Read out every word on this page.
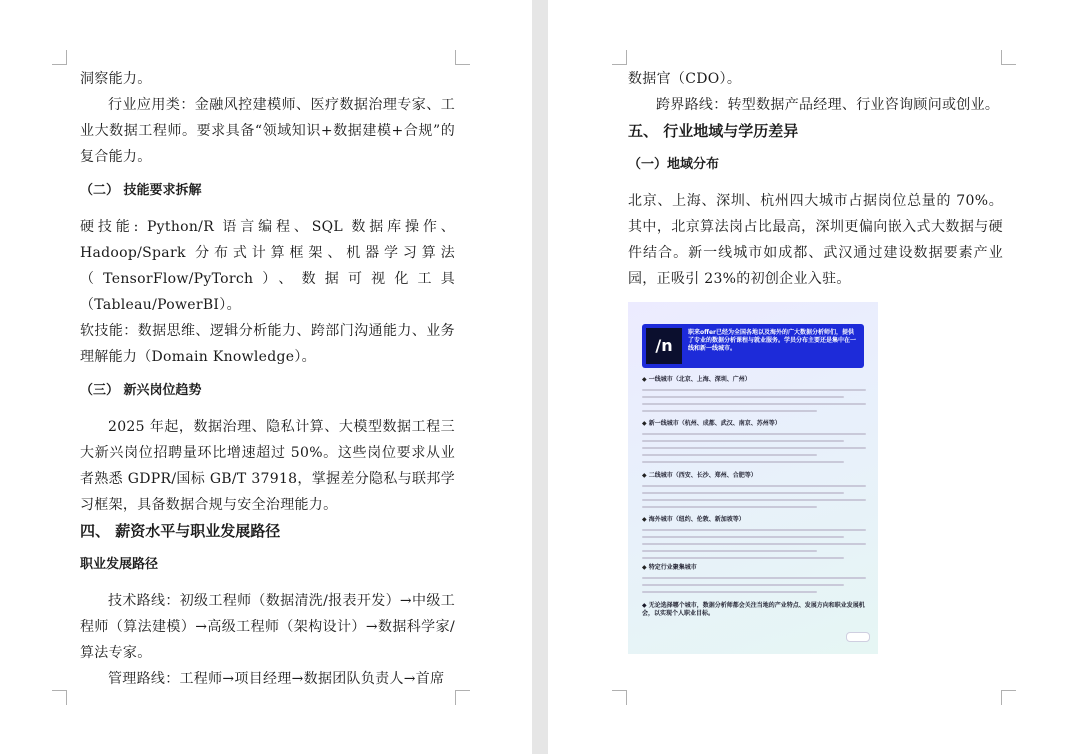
洞察能力。

行业应用类：金融风控建模师、医疗数据治理专家、工业大数据工程师。要求具备“领域知识+数据建模+合规”的复合能力。

（二） 技能要求拆解

硬技能: Python/R 语言编程、SQL 数据库操作、Hadoop/Spark 分布式计算框架、机器学习算法（TensorFlow/PyTorch）、数据可视化工具（Tableau/PowerBI）。

软技能：数据思维、逻辑分析能力、跨部门沟通能力、业务理解能力（Domain Knowledge）。

（三） 新兴岗位趋势

2025 年起，数据治理、隐私计算、大模型数据工程三大新兴岗位招聘量环比增速超过 50%。这些岗位要求从业者熟悉 GDPR/国标 GB/T 37918，掌握差分隐私与联邦学习框架，具备数据合规与安全治理能力。

四、 薪资水平与职业发展路径
职业发展路径

技术路线：初级工程师（数据清洗/报表开发）→中级工程师（算法建模）→高级工程师（架构设计）→数据科学家/算法专家。

管理路线：工程师→项目经理→数据团队负责人→首席

数据官（CDO）。

跨界路线：转型数据产品经理、行业咨询顾问或创业。

五、 行业地域与学历差异
（一）地域分布

北京、上海、深圳、杭州四大城市占据岗位总量的 70%。其中，北京算法岗占比最高，深圳更偏向嵌入式大数据与硬件结合。新一线城市如成都、武汉通过建设数据要素产业园，正吸引 23%的初创企业入驻。

/n
职来offer已经为全国各地以及海外的广大数据分析师们，提供了专业的数据分析课程与就业服务。学员分布主要还是集中在一线和新一线城市。
◆ 一线城市（北京、上海、深圳、广州）
◆ 新一线城市（杭州、成都、武汉、南京、苏州等）
◆ 二线城市（西安、长沙、郑州、合肥等）
◆ 海外城市（纽约、伦敦、新加坡等）
◆ 特定行业聚集城市
◆ 无论选择哪个城市，数据分析师都会关注当地的产业特点、发展方向和职业发展机会，以实现个人职业目标。
